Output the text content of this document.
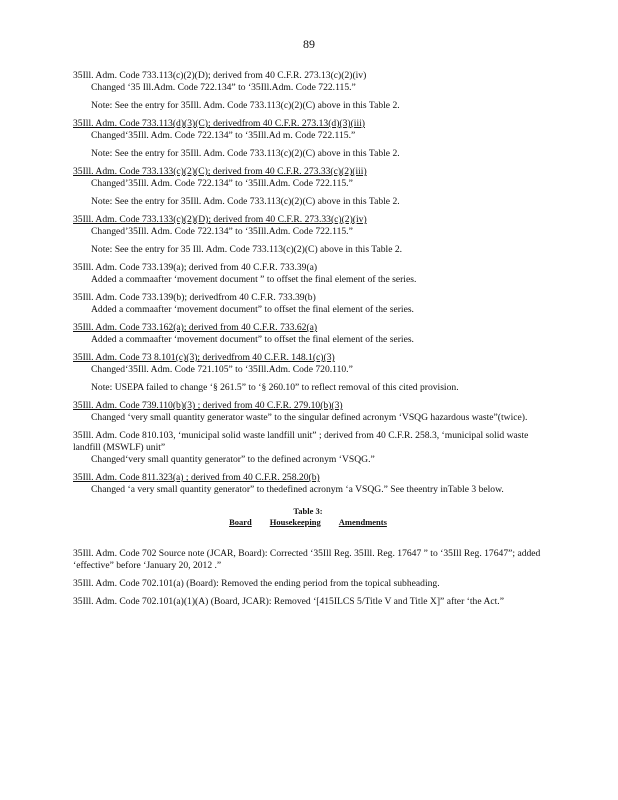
89
35Ill. Adm. Code 733.113(c)(2)(D); derived from 40 C.F.R. 273.13(c)(2)(iv)
Changed ‘35 Ill.Adm. Code 722.134” to ‘35Ill.Adm. Code 722.115.”
Note: See the entry for 35Ill. Adm. Code 733.113(c)(2)(C) above in this Table 2.
35Ill. Adm. Code 733.113(d)(3)(C); derivedfrom 40 C.F.R. 273.13(d)(3)(iii)
Changed‘35Ill. Adm. Code 722.134” to ‘35Ill.Ad m. Code 722.115.”
Note: See the entry for 35Ill. Adm. Code 733.113(c)(2)(C) above in this Table 2.
35Ill. Adm. Code 733.133(c)(2)(C); derived from 40 C.F.R. 273.33(c)(2)(iii)
Changed’35Ill. Adm. Code 722.134” to ‘35Ill.Adm. Code 722.115.”
Note: See the entry for 35Ill. Adm. Code 733.113(c)(2)(C) above in this Table 2.
35Ill. Adm. Code 733.133(c)(2)(D); derived from 40 C.F.R. 273.33(c)(2)(iv)
Changed’35Ill. Adm. Code 722.134” to ‘35Ill.Adm. Code 722.115.”
Note: See the entry for 35 Ill. Adm. Code 733.113(c)(2)(C) above in this Table 2.
35Ill. Adm. Code 733.139(a); derived from 40 C.F.R. 733.39(a)
Added a commaafter ‘movement document ” to offset the final element of the series.
35Ill. Adm. Code 733.139(b); derivedfrom 40 C.F.R. 733.39(b)
Added a commaafter ‘movement document” to offset the final element of the series.
35Ill. Adm. Code 733.162(a); derived from 40 C.F.R. 733.62(a)
Added a commaafter ‘movement document” to offset the final element of the series.
35Ill. Adm. Code 73 8.101(c)(3); derivedfrom 40 C.F.R. 148.1(c)(3)
Changed‘35Ill. Adm. Code 721.105” to ‘35Ill.Adm. Code 720.110.”
Note: USEPA failed to change ‘§ 261.5” to ‘§ 260.10” to reflect removal of this cited provision.
35Ill. Adm. Code 739.110(b)(3) ; derived from 40 C.F.R. 279.10(b)(3)
Changed ‘very small quantity generator waste” to the singular defined acronym ‘VSQG hazardous waste”(twice).
35Ill. Adm. Code 810.103, ‘municipal solid waste landfill unit” ; derived from 40 C.F.R. 258.3, ‘municipal solid waste landfill (MSWLF) unit”
Changed‘very small quantity generator” to the defined acronym ‘VSQG.”
35Ill. Adm. Code 811.323(a) ; derived from 40 C.F.R. 258.20(b)
Changed ‘a very small quantity generator” to thedefined acronym ‘a VSQG.” See theentry inTable 3 below.
Table 3:
Board Housekeeping Amendments
35Ill. Adm. Code 702 Source note (JCAR, Board): Corrected ‘35Ill Reg. 35Ill. Reg. 17647 ” to ‘35Ill Reg. 17647”; added ‘effective” before ‘January 20, 2012 .”
35Ill. Adm. Code 702.101(a) (Board): Removed the ending period from the topical subheading.
35Ill. Adm. Code 702.101(a)(1)(A) (Board, JCAR): Removed ‘[415ILCS 5/Title V and Title X]” after ‘the Act.”
